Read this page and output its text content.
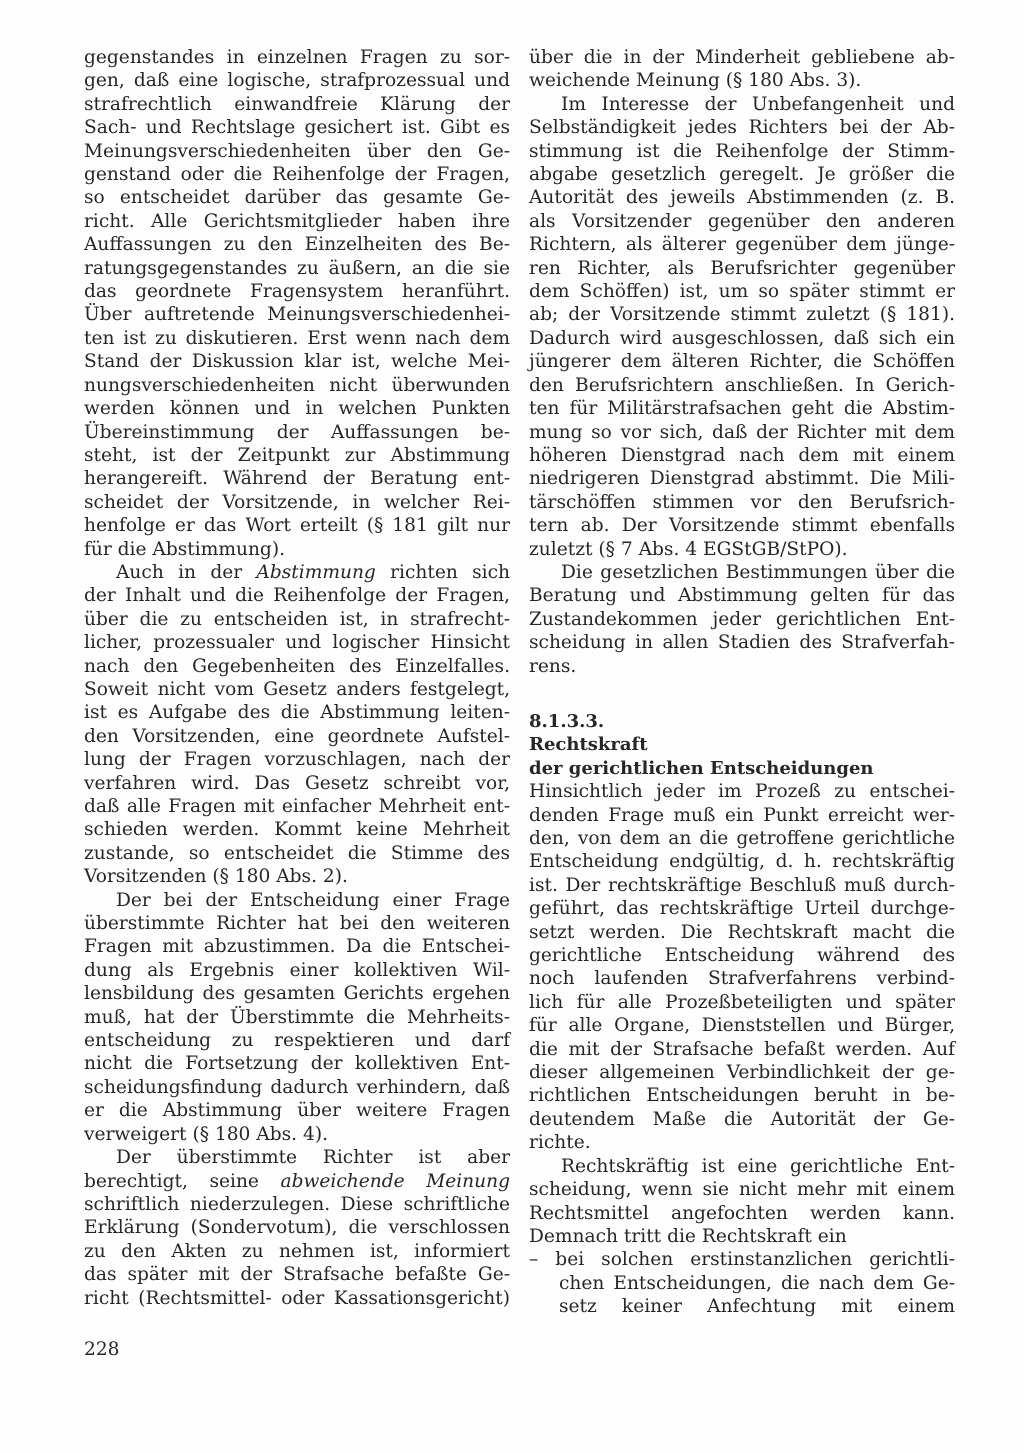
gegenstandes in einzelnen Fragen zu sor-
gen, daß eine logische, strafprozessual und
strafrechtlich einwandfreie Klärung der
Sach- und Rechtslage gesichert ist. Gibt es
Meinungsverschiedenheiten über den Ge-
genstand oder die Reihenfolge der Fragen,
so entscheidet darüber das gesamte Ge-
richt. Alle Gerichtsmitglieder haben ihre
Auffassungen zu den Einzelheiten des Be-
ratungsgegenstandes zu äußern, an die sie
das geordnete Fragensystem heranführt.
Über auftretende Meinungsverschiedenhei-
ten ist zu diskutieren. Erst wenn nach dem
Stand der Diskussion klar ist, welche Mei-
nungsverschiedenheiten nicht überwunden
werden können und in welchen Punkten
Übereinstimmung der Auffassungen be-
steht, ist der Zeitpunkt zur Abstimmung
herangereift. Während der Beratung ent-
scheidet der Vorsitzende, in welcher Rei-
henfolge er das Wort erteilt (§ 181 gilt nur
für die Abstimmung).
Auch in der Abstimmung richten sich
der Inhalt und die Reihenfolge der Fragen,
über die zu entscheiden ist, in strafrecht-
licher, prozessualer und logischer Hinsicht
nach den Gegebenheiten des Einzelfalles.
Soweit nicht vom Gesetz anders festgelegt,
ist es Aufgabe des die Abstimmung leiten-
den Vorsitzenden, eine geordnete Aufstel-
lung der Fragen vorzuschlagen, nach der
verfahren wird. Das Gesetz schreibt vor,
daß alle Fragen mit einfacher Mehrheit ent-
schieden werden. Kommt keine Mehrheit
zustande, so entscheidet die Stimme des
Vorsitzenden (§ 180 Abs. 2).
Der bei der Entscheidung einer Frage
überstimmte Richter hat bei den weiteren
Fragen mit abzustimmen. Da die Entschei-
dung als Ergebnis einer kollektiven Wil-
lensbildung des gesamten Gerichts ergehen
muß, hat der Überstimmte die Mehrheits-
entscheidung zu respektieren und darf
nicht die Fortsetzung der kollektiven Ent-
scheidungsfindung dadurch verhindern, daß
er die Abstimmung über weitere Fragen
verweigert (§ 180 Abs. 4).
Der überstimmte Richter ist aber
berechtigt, seine abweichende Meinung
schriftlich niederzulegen. Diese schriftliche
Erklärung (Sondervotum), die verschlossen
zu den Akten zu nehmen ist, informiert
das später mit der Strafsache befaßte Ge-
richt (Rechtsmittel- oder Kassationsgericht)
über die in der Minderheit gebliebene ab-
weichende Meinung (§ 180 Abs. 3).
Im Interesse der Unbefangenheit und
Selbständigkeit jedes Richters bei der Ab-
stimmung ist die Reihenfolge der Stimm-
abgabe gesetzlich geregelt. Je größer die
Autorität des jeweils Abstimmenden (z. B.
als Vorsitzender gegenüber den anderen
Richtern, als älterer gegenüber dem jünge-
ren Richter, als Berufsrichter gegenüber
dem Schöffen) ist, um so später stimmt er
ab; der Vorsitzende stimmt zuletzt (§ 181).
Dadurch wird ausgeschlossen, daß sich ein
jüngerer dem älteren Richter, die Schöffen
den Berufsrichtern anschließen. In Gerich-
ten für Militärstrafsachen geht die Abstim-
mung so vor sich, daß der Richter mit dem
höheren Dienstgrad nach dem mit einem
niedrigeren Dienstgrad abstimmt. Die Mili-
tärschöffen stimmen vor den Berufsrich-
tern ab. Der Vorsitzende stimmt ebenfalls
zuletzt (§ 7 Abs. 4 EGStGB/StPO).
Die gesetzlichen Bestimmungen über die
Beratung und Abstimmung gelten für das
Zustandekommen jeder gerichtlichen Ent-
scheidung in allen Stadien des Strafverfah-
rens.
8.1.3.3.
Rechtskraft
der gerichtlichen Entscheidungen
Hinsichtlich jeder im Prozeß zu entschei-
denden Frage muß ein Punkt erreicht wer-
den, von dem an die getroffene gerichtliche
Entscheidung endgültig, d. h. rechtskräftig
ist. Der rechtskräftige Beschluß muß durch-
geführt, das rechtskräftige Urteil durchge-
setzt werden. Die Rechtskraft macht die
gerichtliche Entscheidung während des
noch laufenden Strafverfahrens verbind-
lich für alle Prozeßbeteiligten und später
für alle Organe, Dienststellen und Bürger,
die mit der Strafsache befaßt werden. Auf
dieser allgemeinen Verbindlichkeit der ge-
richtlichen Entscheidungen beruht in be-
deutendem Maße die Autorität der Ge-
richte.
Rechtskräftig ist eine gerichtliche Ent-
scheidung, wenn sie nicht mehr mit einem
Rechtsmittel angefochten werden kann.
Demnach tritt die Rechtskraft ein
– bei solchen erstinstanzlichen gerichtli-
chen Entscheidungen, die nach dem Ge-
setz keiner Anfechtung mit einem
228
